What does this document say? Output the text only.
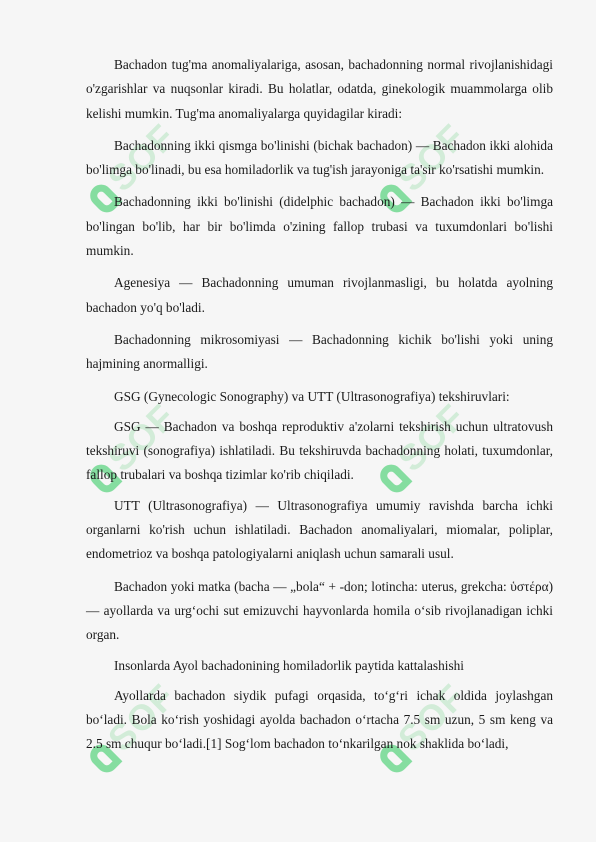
SOF	SOF
SOF	SOF
SOF	SOF

Bachadon tug'ma anomaliyalariga, asosan, bachadonning normal rivojlanishidagi o'zgarishlar va nuqsonlar kiradi. Bu holatlar, odatda, ginekologik muammolarga olib kelishi mumkin. Tug'ma anomaliyalarga quyidagilar kiradi:

Bachadonning ikki qismga bo'linishi (bichak bachadon) — Bachadon ikki alohida bo'limga bo'linadi, bu esa homiladorlik va tug'ish jarayoniga ta'sir ko'rsatishi mumkin.

Bachadonning ikki bo'linishi (didelphic bachadon) — Bachadon ikki bo'limga bo'lingan bo'lib, har bir bo'limda o'zining fallop trubasi va tuxumdonlari bo'lishi mumkin.

Agenesiya — Bachadonning umuman rivojlanmasligi, bu holatda ayolning bachadon yo'q bo'ladi.

Bachadonning mikrosomiyasi — Bachadonning kichik bo'lishi yoki uning hajmining anormalligi.

GSG (Gynecologic Sonography) va UTT (Ultrasonografiya) tekshiruvlari:

GSG — Bachadon va boshqa reproduktiv a'zolarni tekshirish uchun ultratovush tekshiruvi (sonografiya) ishlatiladi. Bu tekshiruvda bachadonning holati, tuxumdonlar, fallop trubalari va boshqa tizimlar ko'rib chiqiladi.

UTT (Ultrasonografiya) — Ultrasonografiya umumiy ravishda barcha ichki organlarni ko'rish uchun ishlatiladi. Bachadon anomaliyalari, miomalar, poliplar, endometrioz va boshqa patologiyalarni aniqlash uchun samarali usul.

Bachadon yoki matka (bacha — „bola“ + -don; lotincha: uterus, grekcha: ὑστέρα) — ayollarda va urg‘ochi sut emizuvchi hayvonlarda homila o‘sib rivojlanadigan ichki organ.

Insonlarda Ayol bachadonining homiladorlik paytida kattalashishi

Ayollarda bachadon siydik pufagi orqasida, to‘g‘ri ichak oldida joylashgan bo‘ladi. Bola ko‘rish yoshidagi ayolda bachadon o‘rtacha 7.5 sm uzun, 5 sm keng va 2.5 sm chuqur bo‘ladi.[1] Sog‘lom bachadon to‘nkarilgan nok shaklida bo‘ladi,
